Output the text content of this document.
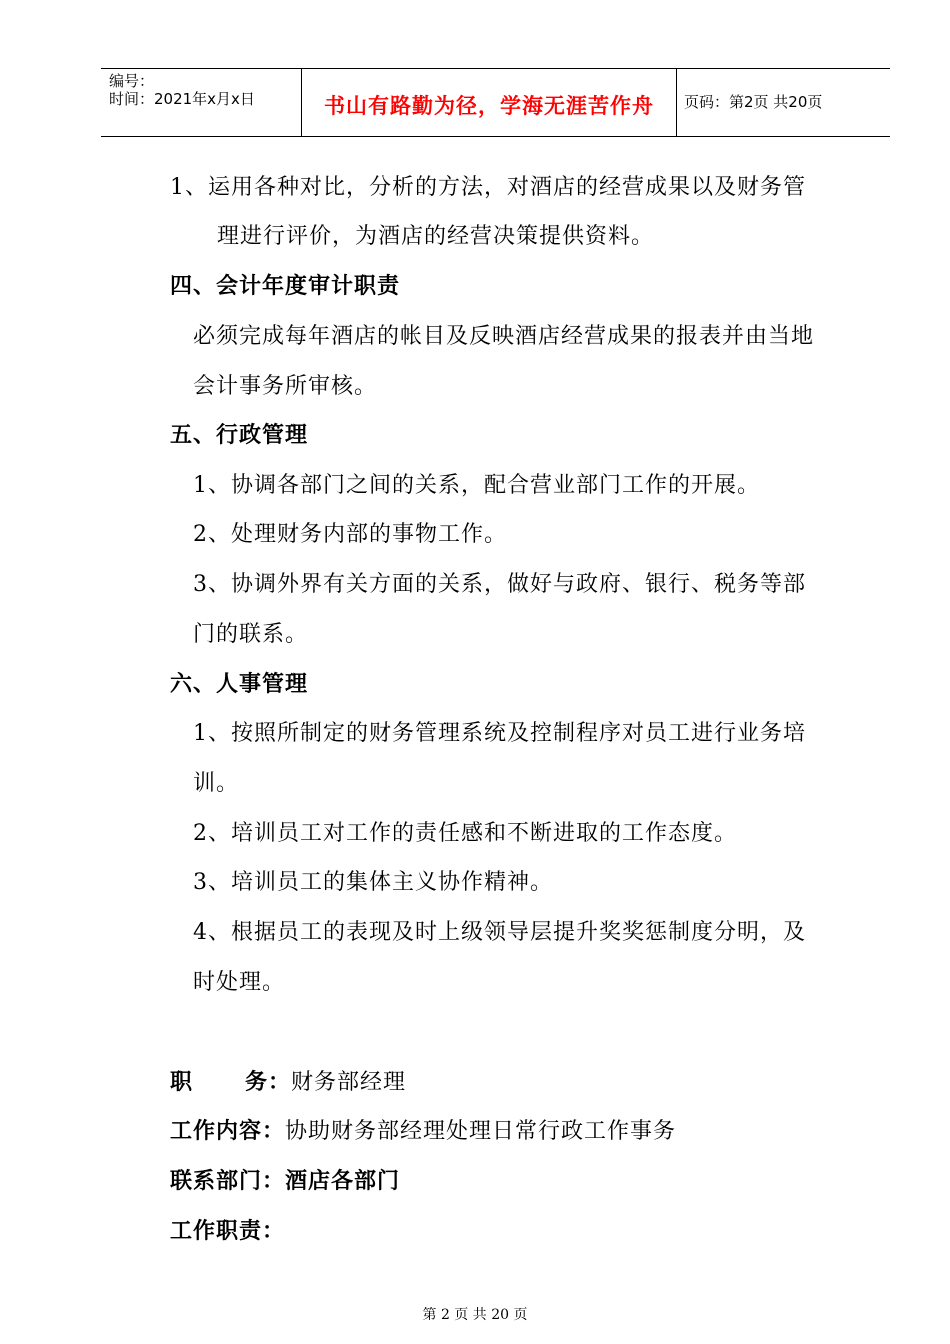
编号：
时间：2021年x月x日	书山有路勤为径，学海无涯苦作舟	页码：第2页 共20页
1、运用各种对比，分析的方法，对酒店的经营成果以及财务管
理进行评价，为酒店的经营决策提供资料。
四、会计年度审计职责
必须完成每年酒店的帐目及反映酒店经营成果的报表并由当地
会计事务所审核。
五、行政管理
1、协调各部门之间的关系，配合营业部门工作的开展。
2、处理财务内部的事物工作。
3、协调外界有关方面的关系，做好与政府、银行、税务等部
门的联系。
六、人事管理
1、按照所制定的财务管理系统及控制程序对员工进行业务培
训。
2、培训员工对工作的责任感和不断进取的工作态度。
3、培训员工的集体主义协作精神。
4、根据员工的表现及时上级领导层提升奖奖惩制度分明，及
时处理。
职      务：财务部经理
工作内容：协助财务部经理处理日常行政工作事务
联系部门：酒店各部门
工作职责：
第 2 页 共 20 页
